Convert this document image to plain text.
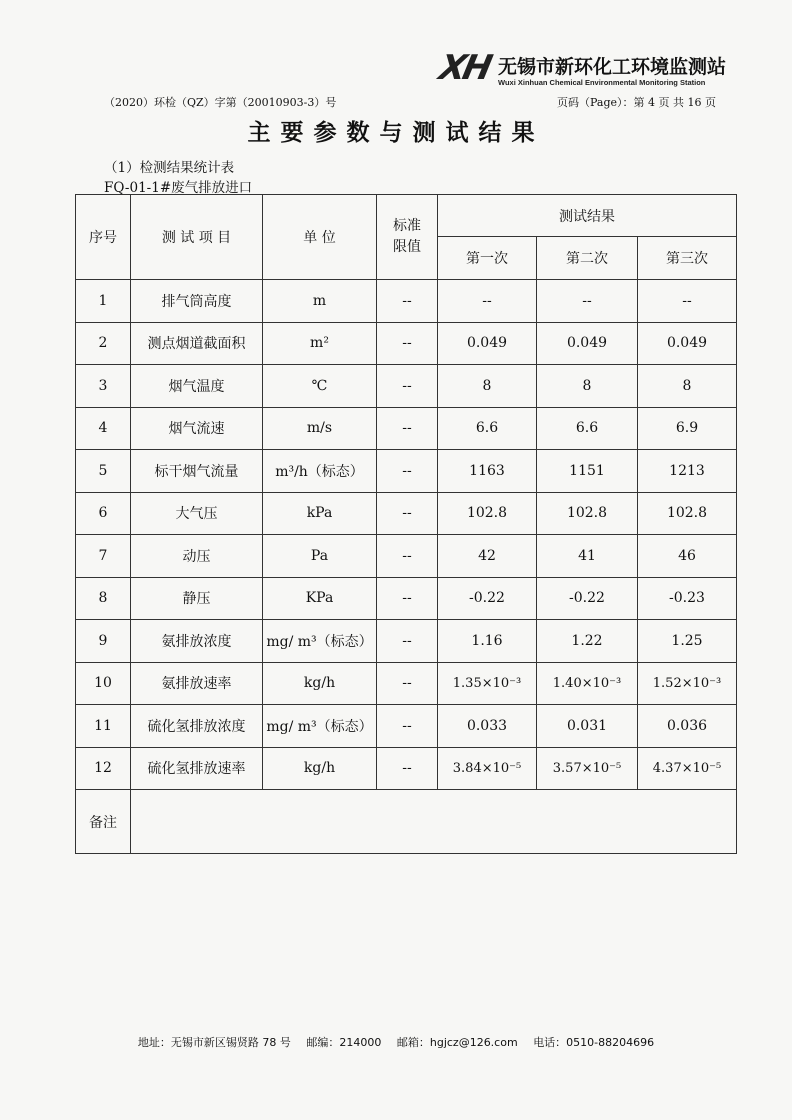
XH 无锡市新环化工环境监测站
Wuxi Xinhuan Chemical Environmental Monitoring Station
（2020）环检（QZ）字第（20010903-3）号	页码（Page）：第 4 页 共 16 页
主要参数与测试结果
（1）检测结果统计表
FQ-01-1#废气排放进口
序号	测 试 项 目	单 位	标准限值	测试结果		
				第一次	第二次	第三次
1	排气筒高度	m	--	--	--	--
2	测点烟道截面积	m²	--	0.049	0.049	0.049
3	烟气温度	℃	--	8	8	8
4	烟气流速	m/s	--	6.6	6.6	6.9
5	标干烟气流量	m³/h（标态）	--	1163	1151	1213
6	大气压	kPa	--	102.8	102.8	102.8
7	动压	Pa	--	42	41	46
8	静压	KPa	--	-0.22	-0.22	-0.23
9	氨排放浓度	mg/ m³（标态）	--	1.16	1.22	1.25
10	氨排放速率	kg/h	--	1.35×10⁻³	1.40×10⁻³	1.52×10⁻³
11	硫化氢排放浓度	mg/ m³（标态）	--	0.033	0.031	0.036
12	硫化氢排放速率	kg/h	--	3.84×10⁻⁵	3.57×10⁻⁵	4.37×10⁻⁵
备注						
地址：无锡市新区锡贤路 78 号 邮编：214000 邮箱：hgjcz@126.com 电话：0510-88204696
